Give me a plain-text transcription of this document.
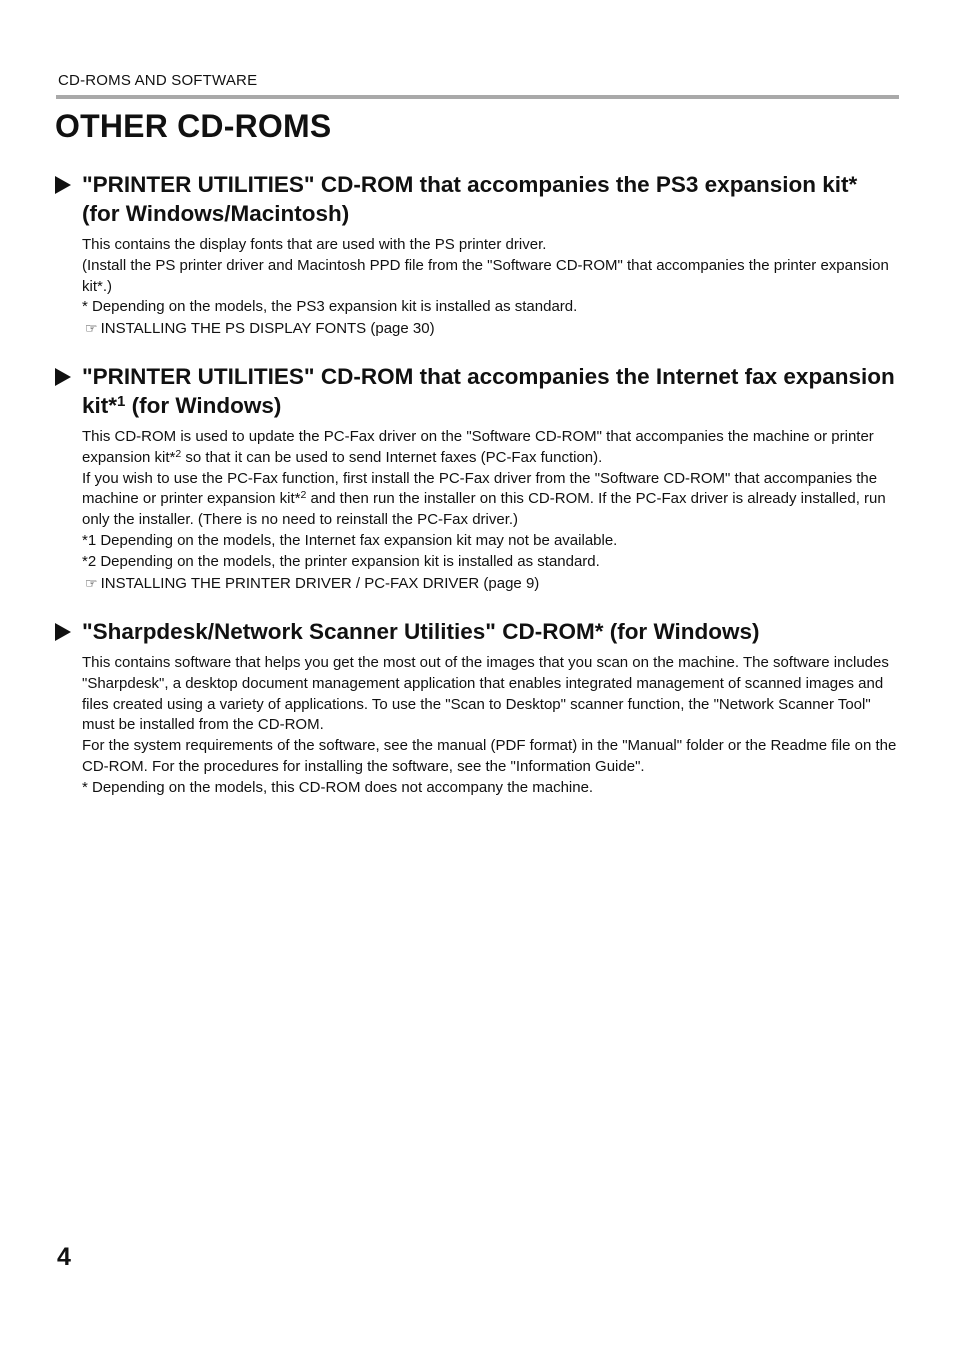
CD-ROMS AND SOFTWARE
OTHER CD-ROMS
"PRINTER UTILITIES" CD-ROM that accompanies the PS3 expansion kit* (for Windows/Macintosh)

This contains the display fonts that are used with the PS printer driver.

(Install the PS printer driver and Macintosh PPD file from the "Software CD-ROM" that accompanies the printer expansion kit*.)

* Depending on the models, the PS3 expansion kit is installed as standard.

☞ INSTALLING THE PS DISPLAY FONTS (page 30)

"PRINTER UTILITIES" CD-ROM that accompanies the Internet fax expansion kit*$^1$ (for Windows)

This CD-ROM is used to update the PC-Fax driver on the "Software CD-ROM" that accompanies the machine or printer expansion kit*$^2$ so that it can be used to send Internet faxes (PC-Fax function).

If you wish to use the PC-Fax function, first install the PC-Fax driver from the "Software CD-ROM" that accompanies the machine or printer expansion kit*$^2$ and then run the installer on this CD-ROM. If the PC-Fax driver is already installed, run only the installer. (There is no need to reinstall the PC-Fax driver.)

*1 Depending on the models, the Internet fax expansion kit may not be available.

*2 Depending on the models, the printer expansion kit is installed as standard.

☞ INSTALLING THE PRINTER DRIVER / PC-FAX DRIVER (page 9)

"Sharpdesk/Network Scanner Utilities" CD-ROM* (for Windows)

This contains software that helps you get the most out of the images that you scan on the machine. The software includes "Sharpdesk", a desktop document management application that enables integrated management of scanned images and files created using a variety of applications. To use the "Scan to Desktop" scanner function, the "Network Scanner Tool" must be installed from the CD-ROM.

For the system requirements of the software, see the manual (PDF format) in the "Manual" folder or the Readme file on the CD-ROM. For the procedures for installing the software, see the "Information Guide".

* Depending on the models, this CD-ROM does not accompany the machine.

4
